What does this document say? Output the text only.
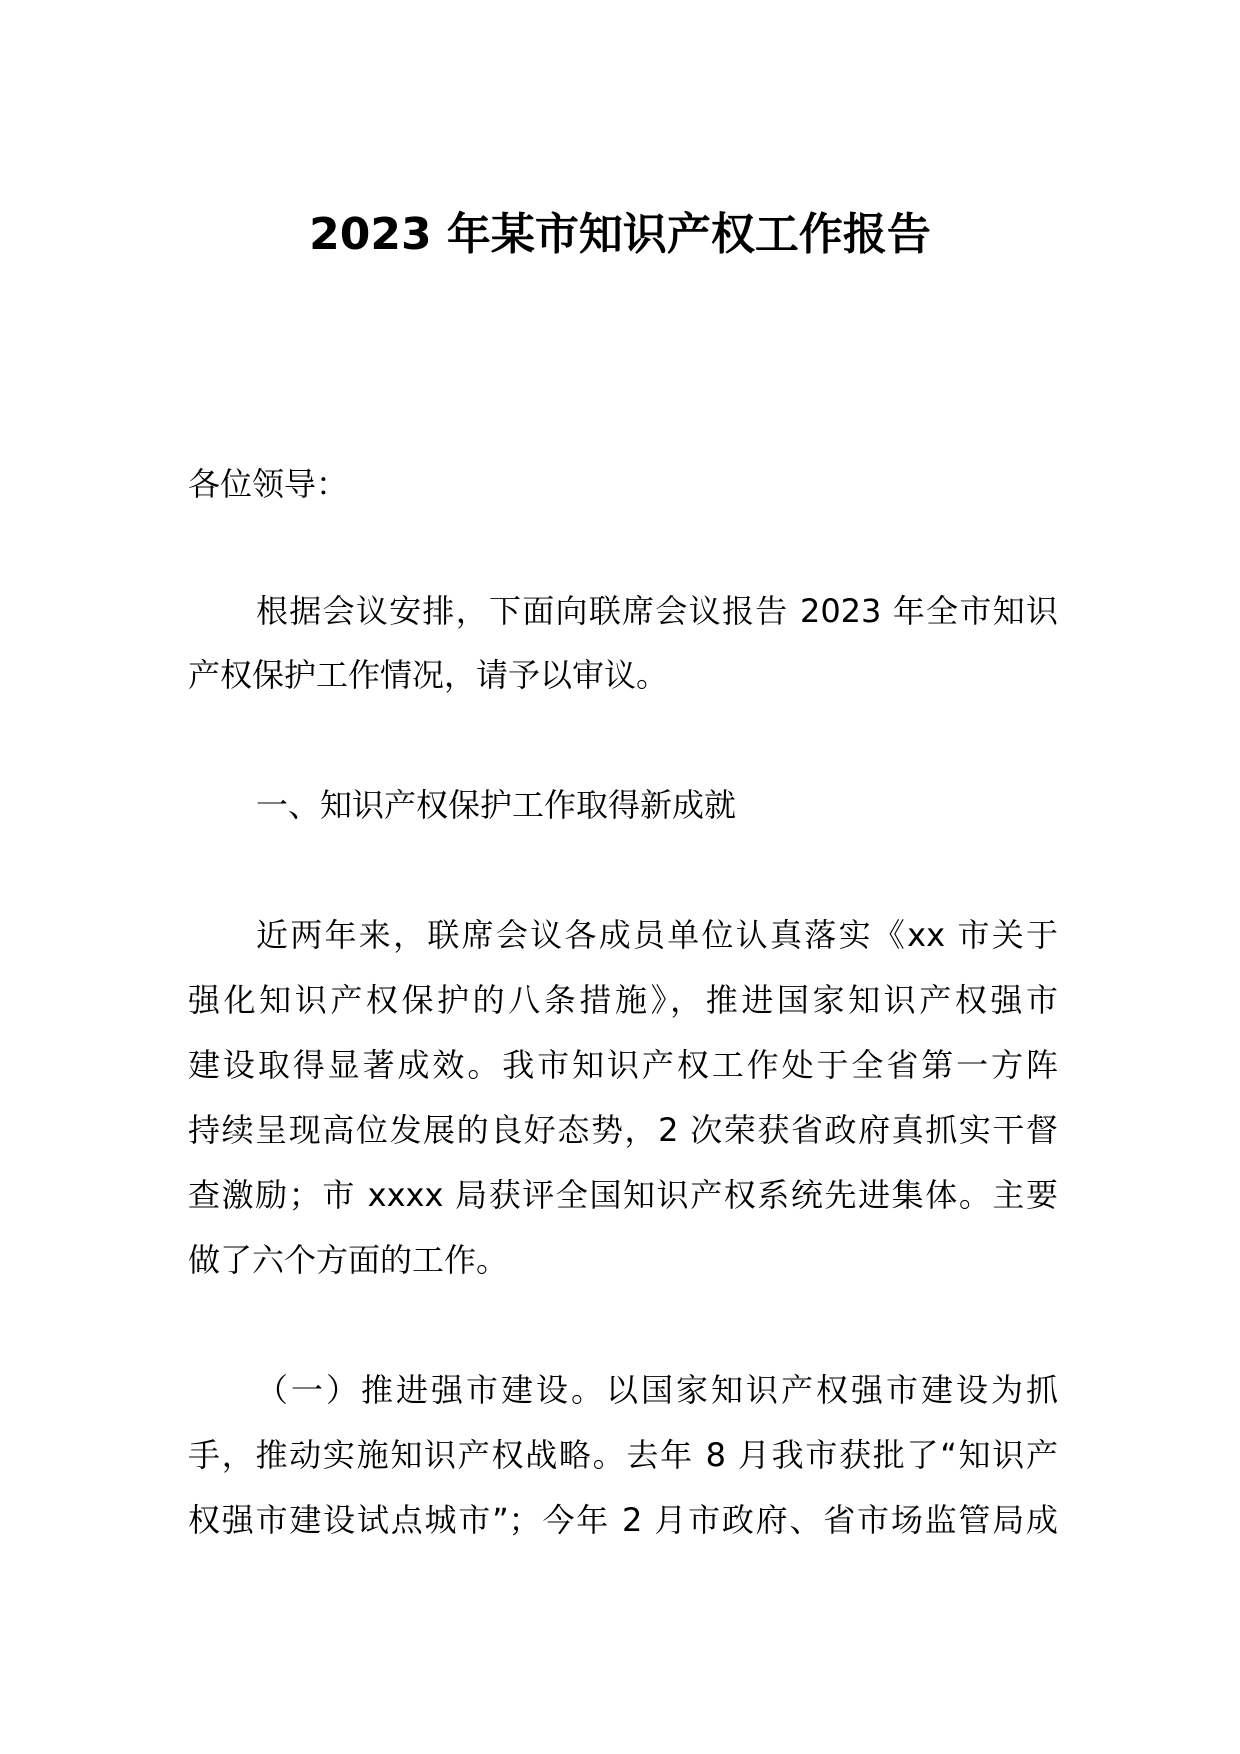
2023 年某市知识产权工作报告
各位领导：
根据会议安排，下面向联席会议报告 2023 年全市知识
产权保护工作情况，请予以审议。
一、知识产权保护工作取得新成就
近两年来，联席会议各成员单位认真落实《xx 市关于
强化知识产权保护的八条措施》，推进国家知识产权强市
建设取得显著成效。我市知识产权工作处于全省第一方阵
持续呈现高位发展的良好态势，2 次荣获省政府真抓实干督
查激励；市 xxxx 局获评全国知识产权系统先进集体。主要
做了六个方面的工作。
（一）推进强市建设。以国家知识产权强市建设为抓
手，推动实施知识产权战略。去年 8 月我市获批了“知识产
权强市建设试点城市”；今年 2 月市政府、省市场监管局成
